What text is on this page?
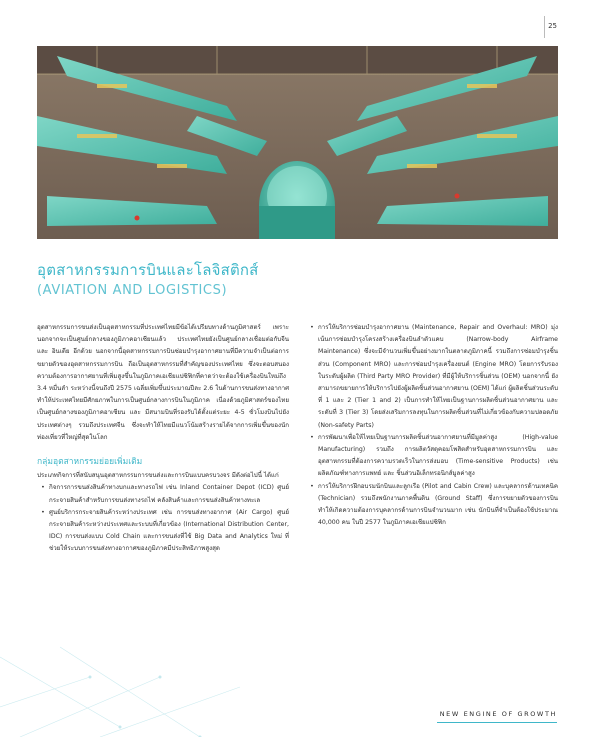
25
อุตสาหกรรมการบินและโลจิสติกส์
(AVIATION AND LOGISTICS)

อุตสาหกรรมการขนส่งเป็นอุตสาหกรรมที่ประเทศไทยมีข้อได้เปรียบทางด้านภูมิศาสตร์ เพราะนอกจากจะเป็นศูนย์กลางของภูมิภาคอาเซียนแล้ว ประเทศไทยยังเป็นศูนย์กลางเชื่อมต่อกับจีน และ อินเดีย อีกด้วย นอกจากนี้อุตสาหกรรมการบินซ่อมบำรุงอากาศยานที่มีความจำเป็นต่อการขยายตัวของอุตสาหกรรมการบิน ถือเป็นอุตสาหกรรมที่สำคัญของประเทศไทย ซึ่งจะตอบสนองความต้องการอากาศยานที่เพิ่มสูงขึ้นในภูมิภาคเอเชียแปซิฟิกที่คาดว่าจะต้องใช้เครื่องบินใหม่ถึง 3.4 หมื่นลำ ระหว่างนี้จนถึงปี 2575 เฉลี่ยเพิ่มขึ้นประมาณปีละ 2.6 ในด้านการขนส่งทางอากาศ ทำให้ประเทศไทยมีศักยภาพในการเป็นศูนย์กลางการบินในภูมิภาค เนื่องด้วยภูมิศาสตร์ของไทยเป็นศูนย์กลางของภูมิภาคอาเซียน และ มีสนามบินที่รองรับได้ตั้งแต่ระยะ 4-5 ชั่วโมงบินไปยังประเทศต่างๆ รวมถึงประเทศจีน ซึ่งจะทำให้ไทยมีแนวโน้มสร้างรายได้จากการเพิ่มขึ้นของนักท่องเที่ยวที่ใหญ่ที่สุดในโลก

กลุ่มอุตสาหกรรมย่อยเพิ่มเติม

ประเภทกิจการที่สนับสนุนอุตสาหกรรมการขนส่งและการบินแบบครบวงจร มีดังต่อไปนี้ ได้แก่

• กิจการการขนส่งสินค้าทางบกและทางรถไฟ เช่น Inland Container Depot (ICD) ศูนย์กระจายสินค้าสำหรับการขนส่งทางรถไฟ คลังสินค้าและการขนส่งสินค้าทางทะเล
• ศูนย์บริการกระจายสินค้าระหว่างประเทศ เช่น การขนส่งทางอากาศ (Air Cargo) ศูนย์กระจายสินค้าระหว่างประเทศและระบบที่เกี่ยวข้อง (International Distribution Center, IDC) การขนส่งแบบ Cold Chain และการขนส่งที่ใช้ Big Data and Analytics ใหม่ ที่ช่วยให้ระบบการขนส่งทางอากาศของภูมิภาคมีประสิทธิภาพสูงสุด
• การให้บริการซ่อมบำรุงอากาศยาน (Maintenance, Repair and Overhaul: MRO) มุ่งเน้นการซ่อมบำรุงโครงสร้างเครื่องบินลำตัวแคบ (Narrow-body Airframe Maintenance) ซึ่งจะมีจำนวนเพิ่มขึ้นอย่างมากในตลาดภูมิภาคนี้ รวมถึงการซ่อมบำรุงชิ้นส่วน (Component MRO) และการซ่อมบำรุงเครื่องยนต์ (Engine MRO) โดยการรับรองในระดับผู้ผลิต (Third Party MRO Provider) ที่มีผู้ให้บริการชิ้นส่วน (OEM) นอกจากนี้ ยังสามารถขยายการให้บริการไปยังผู้ผลิตชิ้นส่วนอากาศยาน (OEM) ได้แก่ ผู้ผลิตชิ้นส่วนระดับที่ 1 และ 2 (Tier 1 and 2) เป็นการทำให้ไทยเป็นฐานการผลิตชิ้นส่วนอากาศยาน และ ระดับที่ 3 (Tier 3) โดยส่งเสริมการลงทุนในการผลิตชิ้นส่วนที่ไม่เกี่ยวข้องกับความปลอดภัย (Non-safety Parts)
• การพัฒนาเพื่อให้ไทยเป็นฐานการผลิตชิ้นส่วนอากาศยานที่มีมูลค่าสูง (High-value Manufacturing) รวมถึง การผลิตวัสดุคอมโพสิตสำหรับอุตสาหกรรมการบิน และ อุตสาหกรรมที่ต้องการความรวดเร็วในการส่งมอบ (Time-sensitive Products) เช่น ผลิตภัณฑ์ทางการแพทย์ และ ชิ้นส่วนอิเล็กทรอนิกส์มูลค่าสูง
• การให้บริการฝึกอบรมนักบินและลูกเรือ (Pilot and Cabin Crew) และบุคลากรด้านเทคนิค (Technician) รวมถึงพนักงานภาคพื้นดิน (Ground Staff) ซึ่งการขยายตัวของการบินทำให้เกิดความต้องการบุคลากรด้านการบินจำนวนมาก เช่น นักบินที่จำเป็นต้องใช้ประมาณ 40,000 คน ในปี 2577 ในภูมิภาคเอเชียแปซิฟิก
NEW ENGINE OF GROWTH
